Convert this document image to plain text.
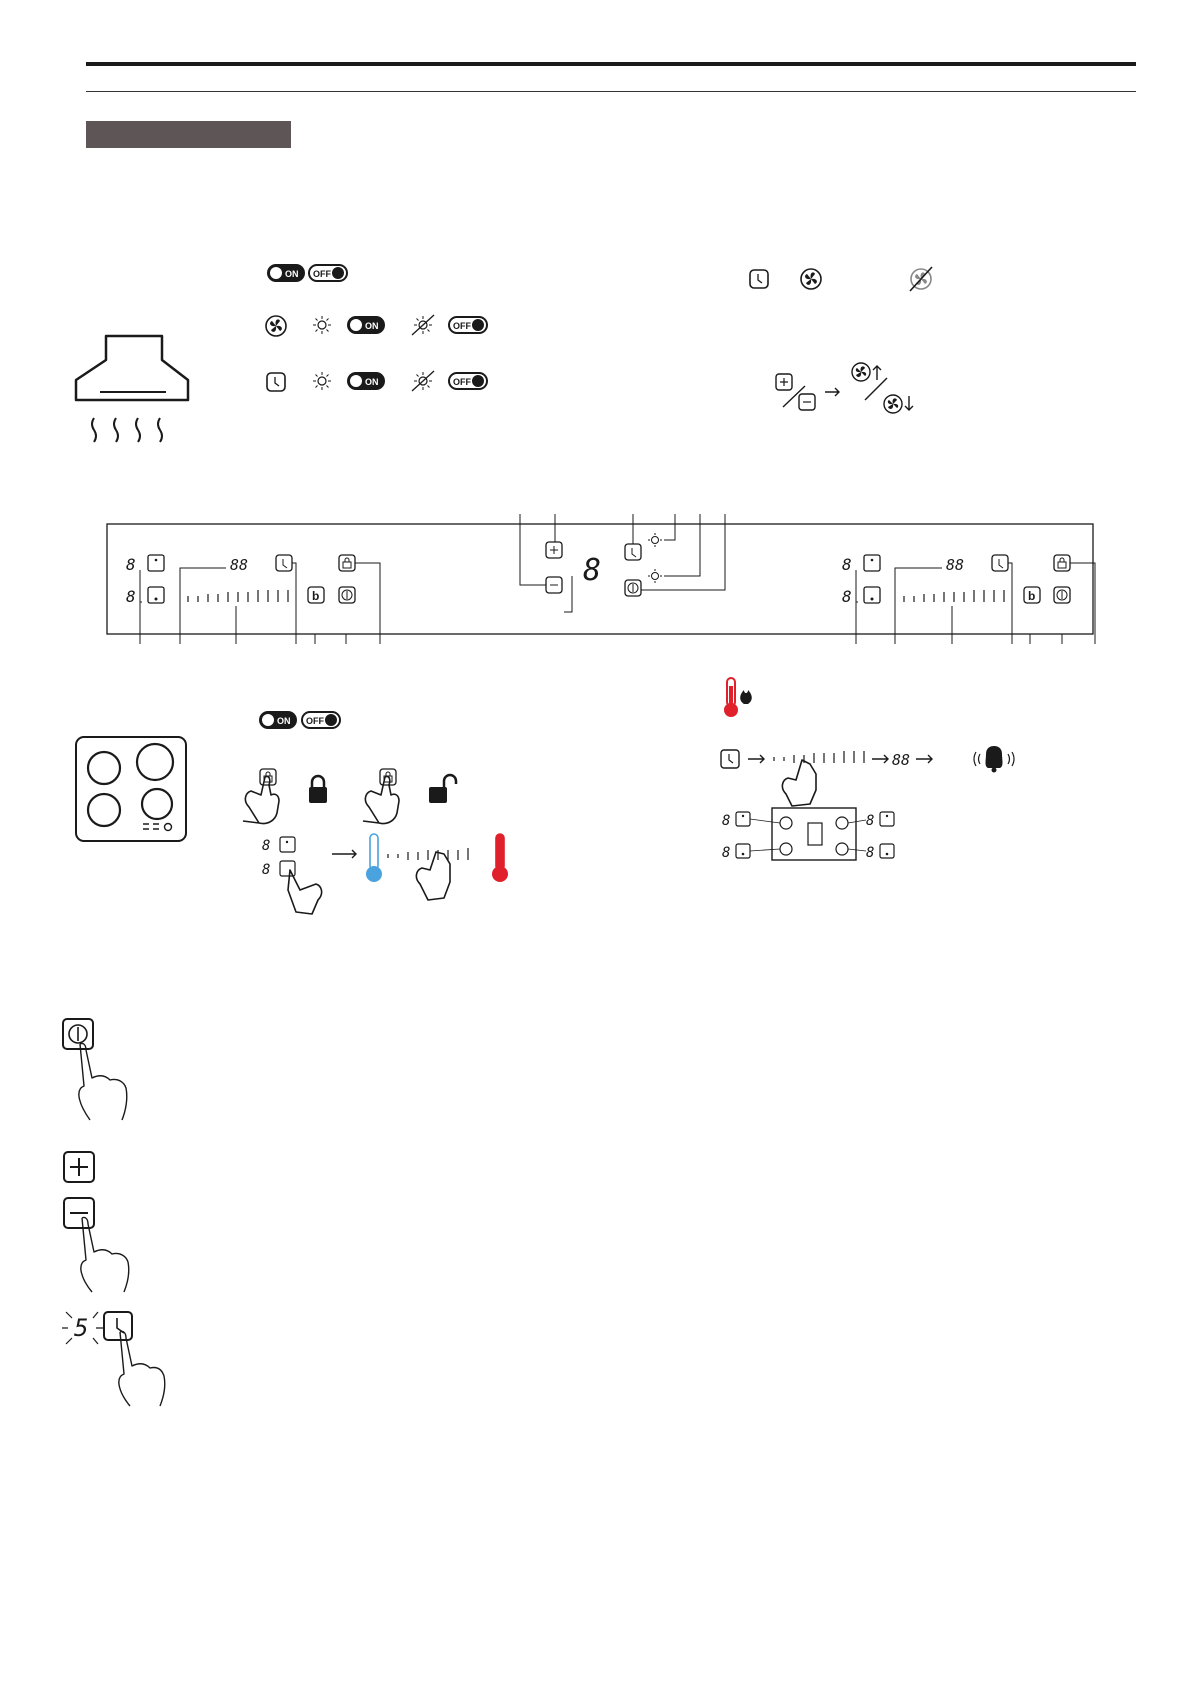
ON OFF
ON	OFF
ON	OFF
8
8
88
b
8	8
8
88
b
ON OFF
8
8
88
8
8
8
8
5
